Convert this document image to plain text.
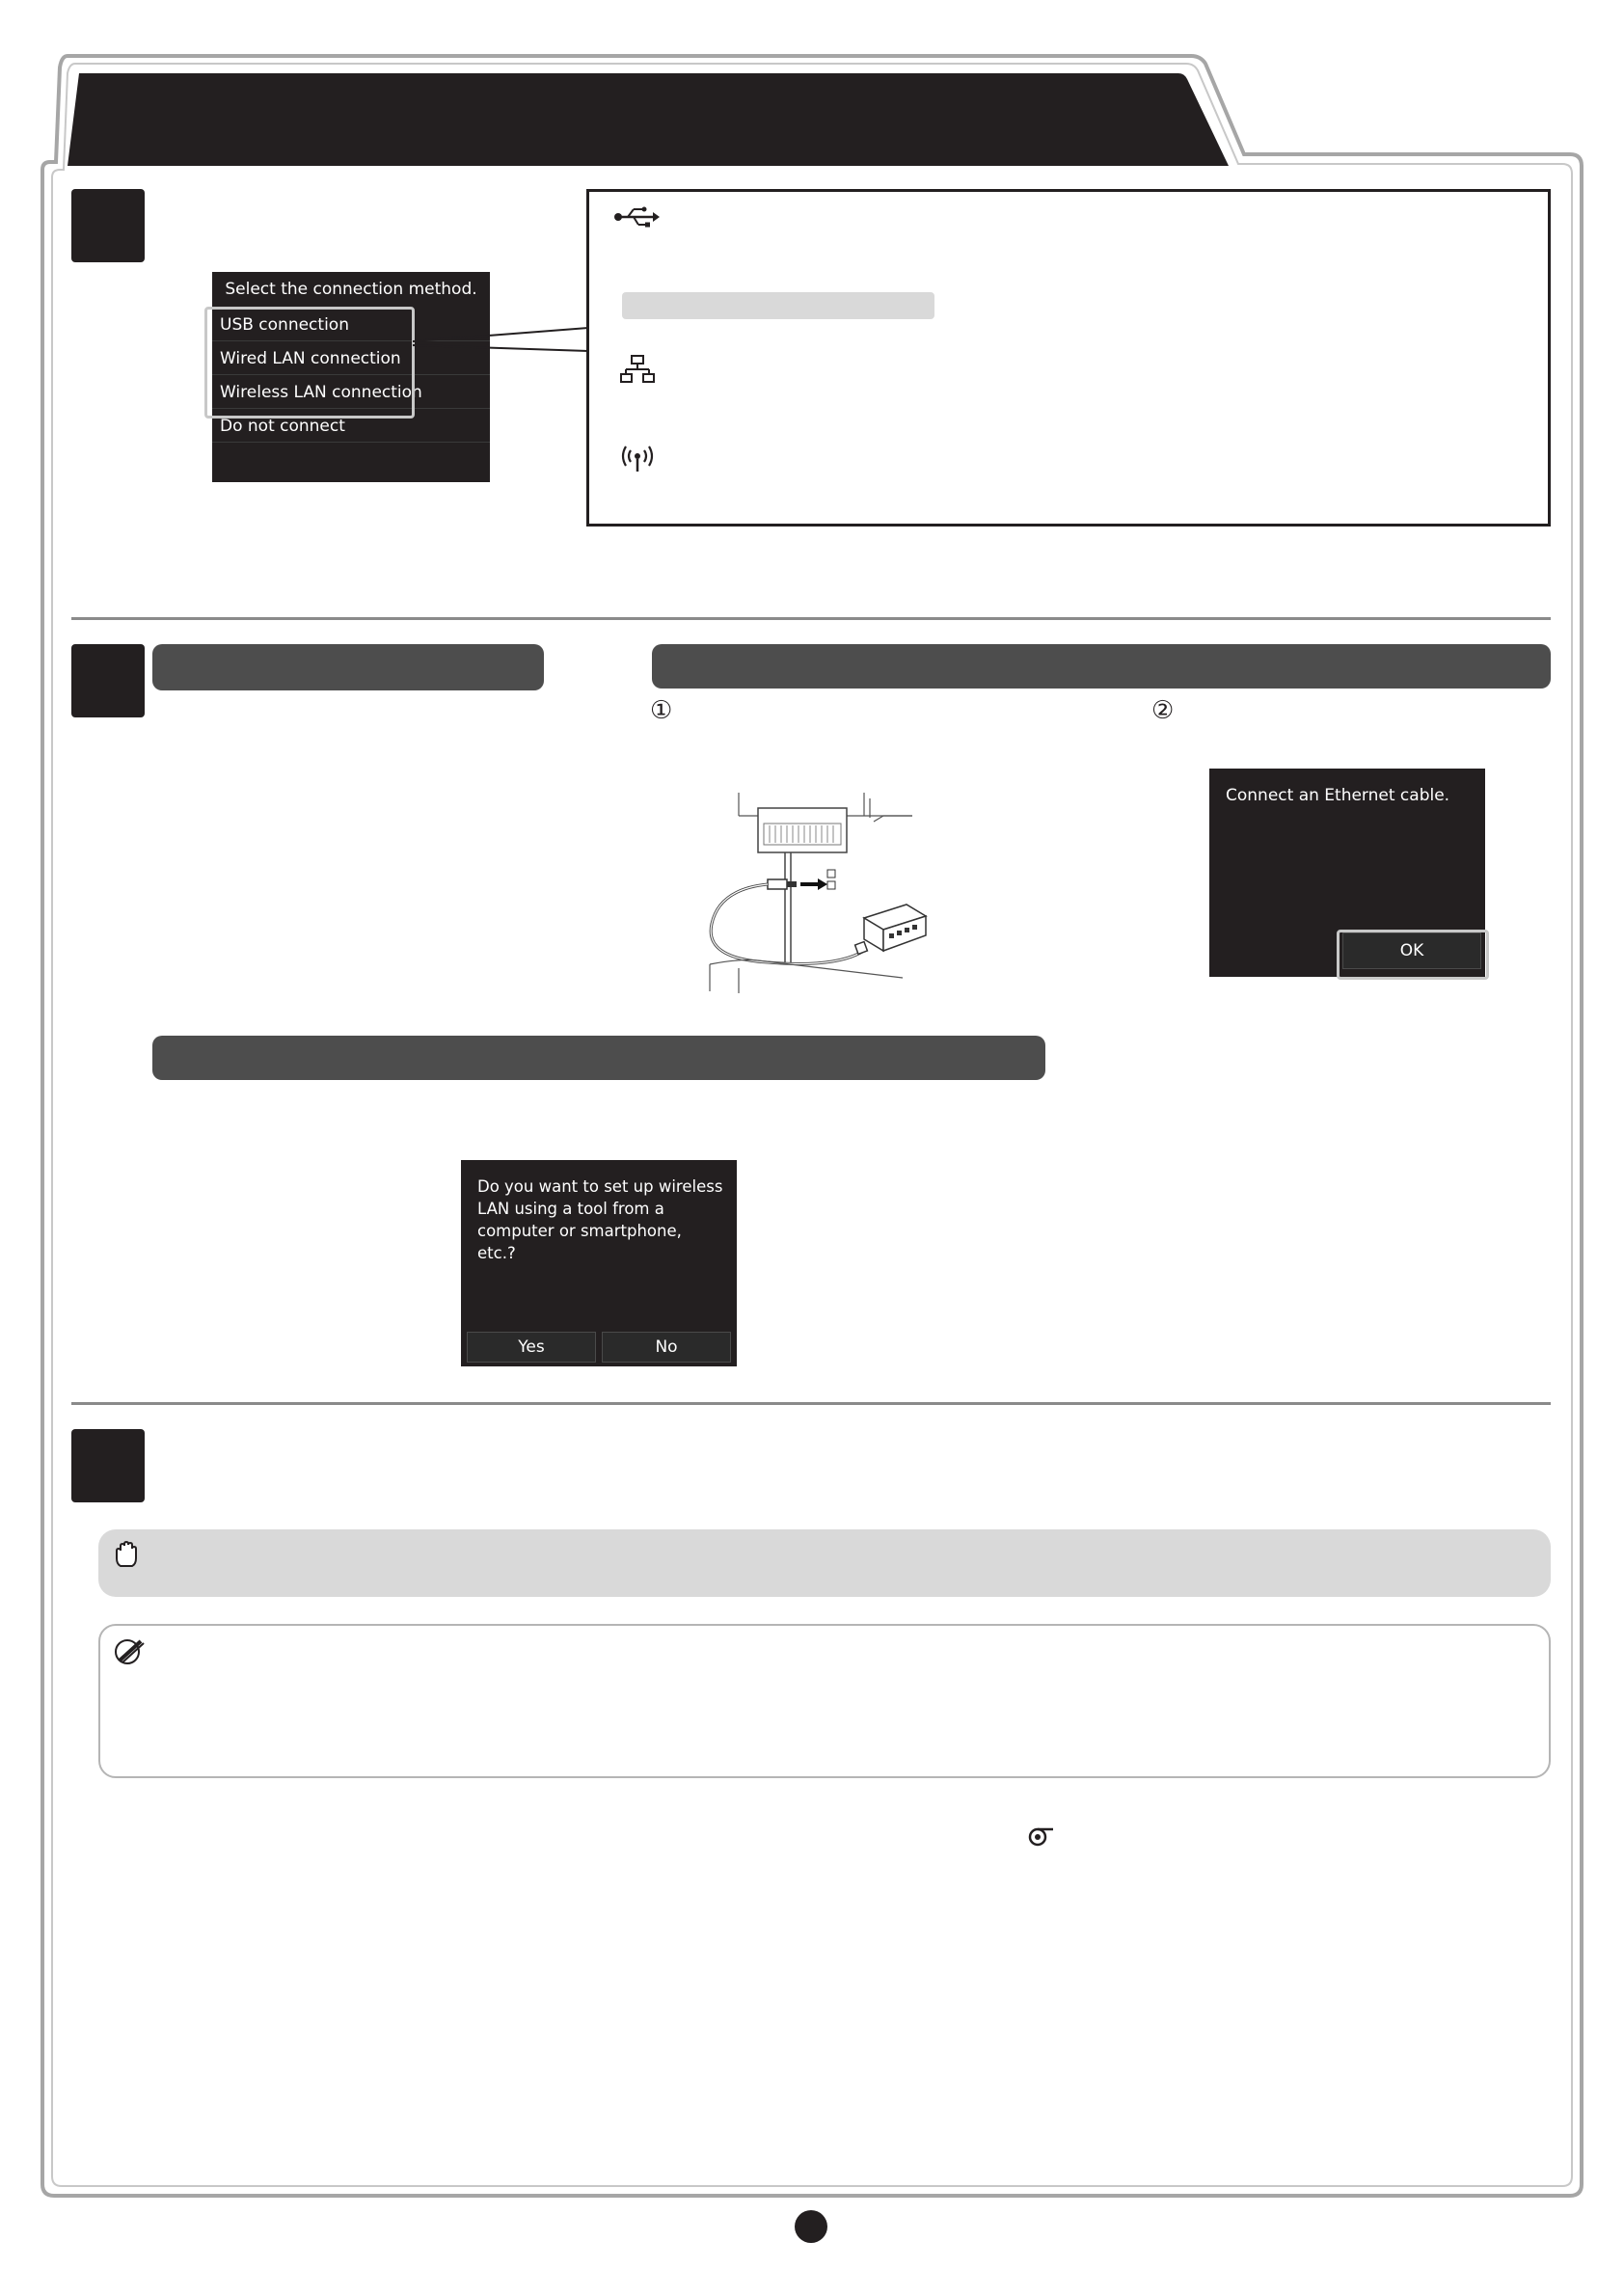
Select the connection method.
USB connection
Wired LAN connection
Wireless LAN connection
Do not connect
①	②
Connect an Ethernet cable.
OK
Do you want to set up wireless LAN using a tool from a computer or smartphone, etc.?
Yes	No
